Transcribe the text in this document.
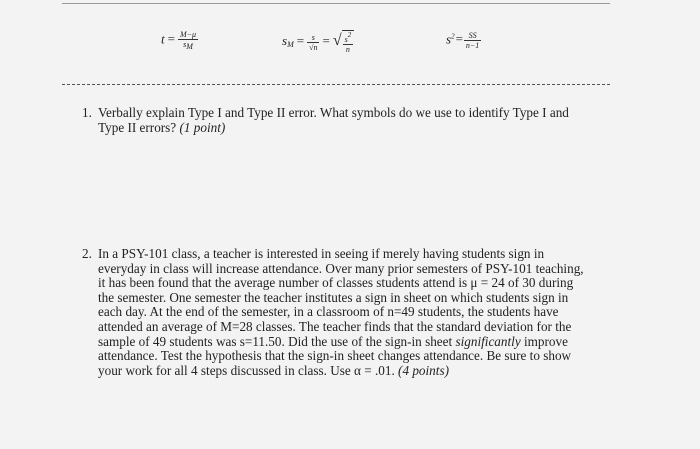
$t = \frac{M-\mu}{sM}$	$s_M = \frac{s}{√n}$ = √ $\frac{s2}{n}$	$s^2= \frac{SS}{n-1}$
1. Verbally explain Type I and Type II error. What symbols do we use to identify Type I and
Type II errors? (1 point)
2. In a PSY-101 class, a teacher is interested in seeing if merely having students sign in
everyday in class will increase attendance. Over many prior semesters of PSY-101 teaching,
it has been found that the average number of classes students attend is μ = 24 of 30 during
the semester. One semester the teacher institutes a sign in sheet on which students sign in
each day. At the end of the semester, in a classroom of n=49 students, the students have
attended an average of M=28 classes. The teacher finds that the standard deviation for the
sample of 49 students was s=11.50. Did the use of the sign-in sheet significantly improve
attendance. Test the hypothesis that the sign-in sheet changes attendance. Be sure to show
your work for all 4 steps discussed in class. Use α = .01. (4 points)
